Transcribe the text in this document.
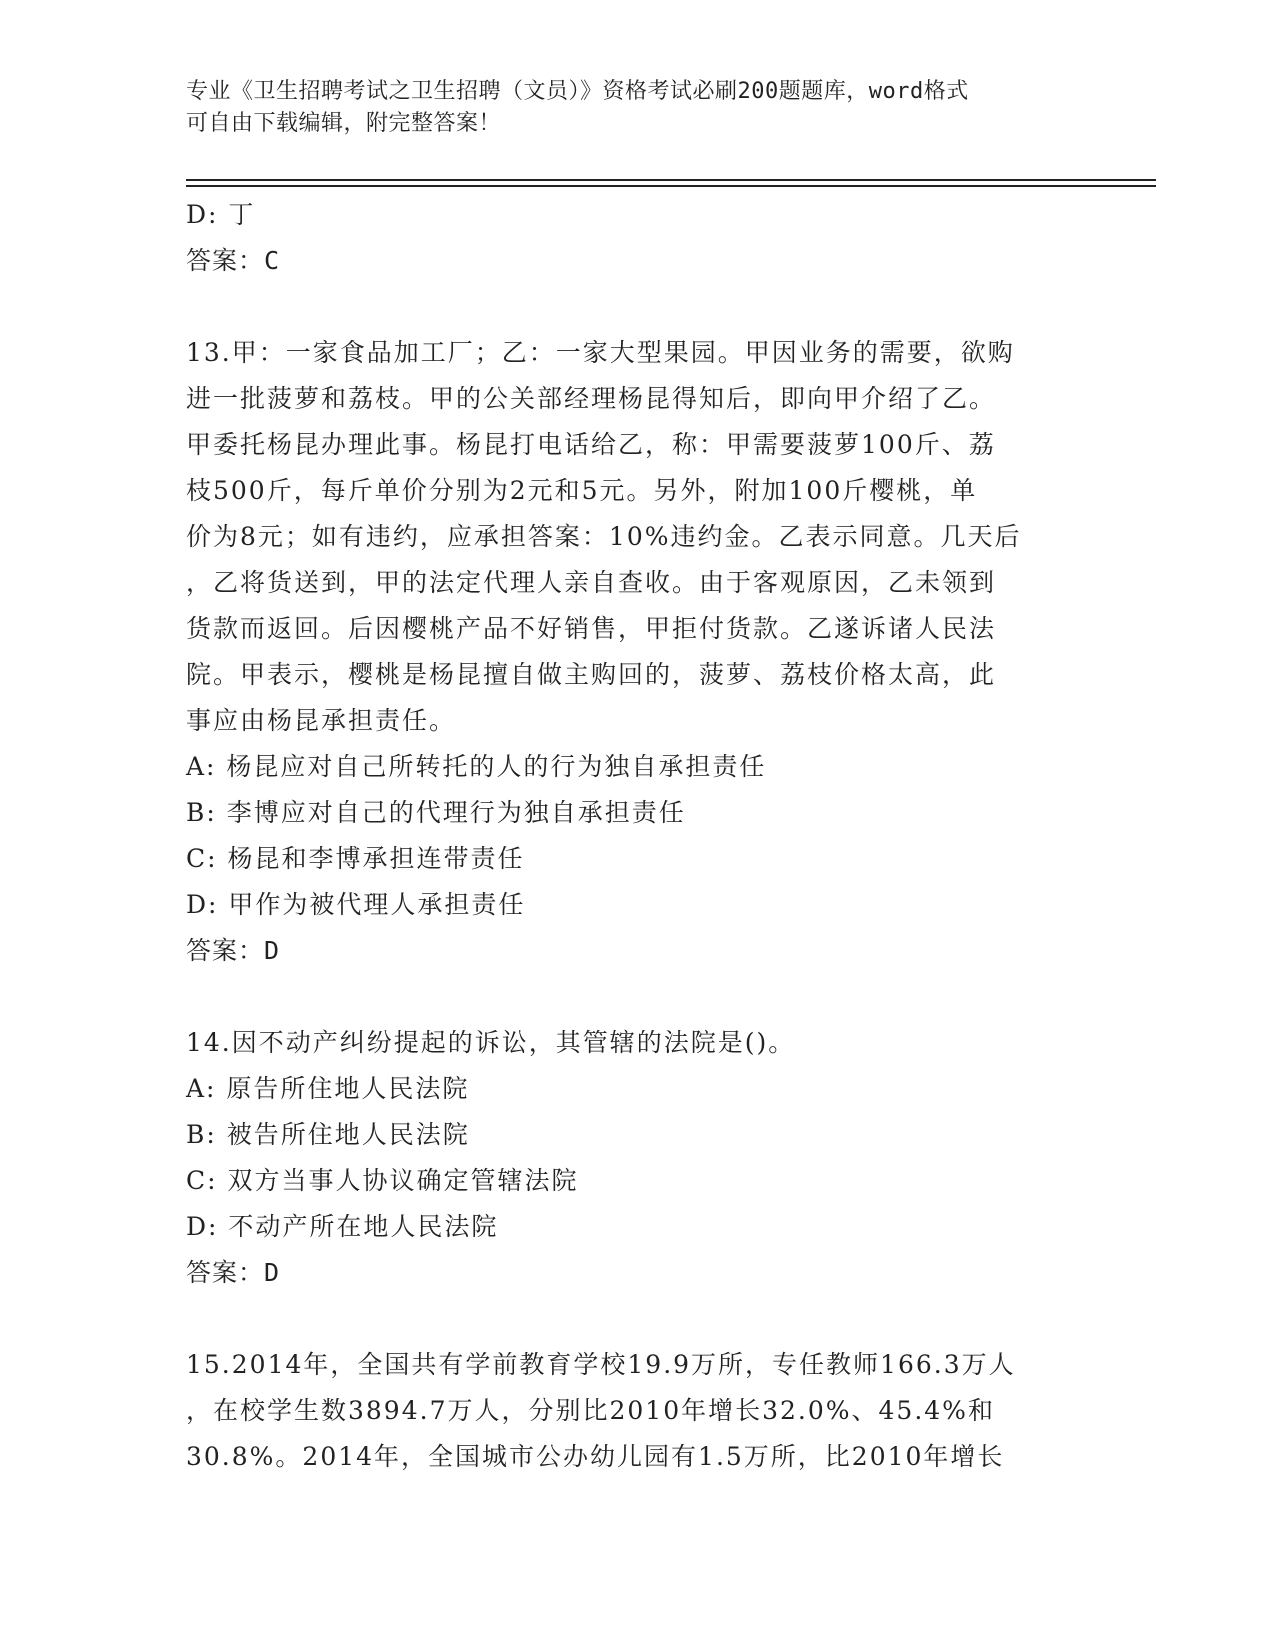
专业《卫生招聘考试之卫生招聘（文员）》资格考试必刷200题题库，word格式
可自由下载编辑，附完整答案！
D: 丁
答案：C
13.甲：一家食品加工厂；乙：一家大型果园。甲因业务的需要，欲购
进一批菠萝和荔枝。甲的公关部经理杨昆得知后，即向甲介绍了乙。
甲委托杨昆办理此事。杨昆打电话给乙，称：甲需要菠萝100斤、荔
枝500斤，每斤单价分别为2元和5元。另外，附加100斤樱桃，单
价为8元；如有违约，应承担答案：10%违约金。乙表示同意。几天后
，乙将货送到，甲的法定代理人亲自查收。由于客观原因，乙未领到
货款而返回。后因樱桃产品不好销售，甲拒付货款。乙遂诉诸人民法
院。甲表示，樱桃是杨昆擅自做主购回的，菠萝、荔枝价格太高，此
事应由杨昆承担责任。
A: 杨昆应对自己所转托的人的行为独自承担责任
B: 李博应对自己的代理行为独自承担责任
C: 杨昆和李博承担连带责任
D: 甲作为被代理人承担责任
答案：D
14.因不动产纠纷提起的诉讼，其管辖的法院是()。
A: 原告所住地人民法院
B: 被告所住地人民法院
C: 双方当事人协议确定管辖法院
D: 不动产所在地人民法院
答案：D
15.2014年，全国共有学前教育学校19.9万所，专任教师166.3万人
，在校学生数3894.7万人，分别比2010年增长32.0%、45.4%和
30.8%。2014年，全国城市公办幼儿园有1.5万所，比2010年增长
